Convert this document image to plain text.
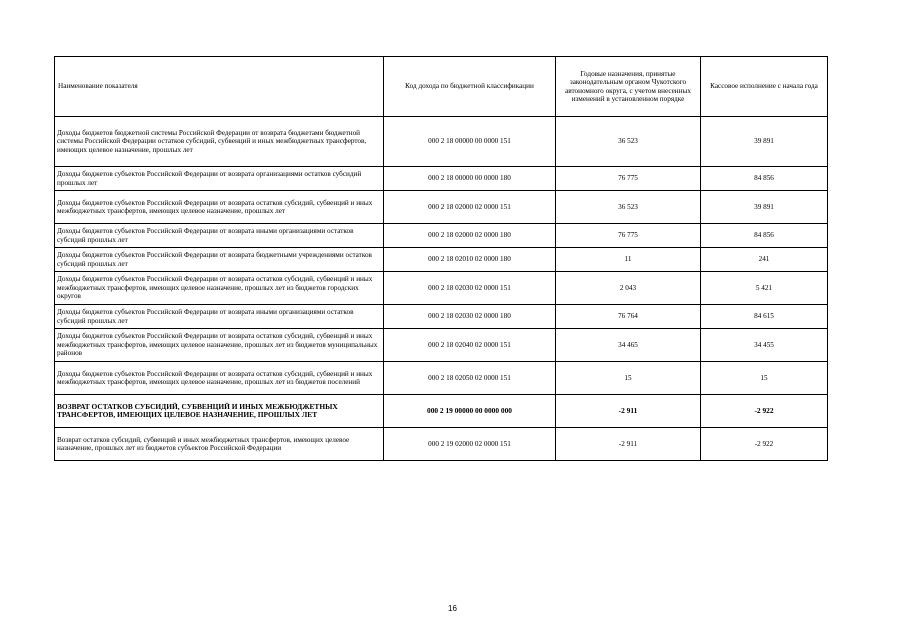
Наименование показателя	Код дохода по бюджетной классификации	Годовые назначения, принятые законодательным органом Чукотского автономного округа, с учетом внесенных изменений в установленном порядке	Кассовое исполнение с начала года
Доходы бюджетов бюджетной системы Российской Федерации от возврата бюджетами бюджетной системы Российской Федерации остатков субсидий, субвенций и иных межбюджетных трансфертов, имеющих целевое назначение, прошлых лет	000 2 18 00000 00 0000 151	36 523	39 891
Доходы бюджетов субъектов Российской Федерации от возврата организациями остатков субсидий прошлых лет	000 2 18 00000 00 0000 180	76 775	84 856
Доходы бюджетов субъектов Российской Федерации от возврата остатков субсидий, субвенций и иных межбюджетных трансфертов, имеющих целевое назначение, прошлых лет	000 2 18 02000 02 0000 151	36 523	39 891
Доходы бюджетов субъектов Российской Федерации от возврата иными организациями остатков субсидий прошлых лет	000 2 18 02000 02 0000 180	76 775	84 856
Доходы бюджетов субъектов Российской Федерации от возврата бюджетными учреждениями остатков субсидий прошлых лет	000 2 18 02010 02 0000 180	11	241
Доходы бюджетов субъектов Российской Федерации от возврата остатков субсидий, субвенций и иных межбюджетных трансфертов, имеющих целевое назначение, прошлых лет из бюджетов городских округов	000 2 18 02030 02 0000 151	2 043	5 421
Доходы бюджетов субъектов Российской Федерации от возврата иными организациями остатков субсидий прошлых лет	000 2 18 02030 02 0000 180	76 764	84 615
Доходы бюджетов субъектов Российской Федерации от возврата остатков субсидий, субвенций и иных межбюджетных трансфертов, имеющих целевое назначение, прошлых лет из бюджетов муниципальных районов	000 2 18 02040 02 0000 151	34 465	34 455
Доходы бюджетов субъектов Российской Федерации от возврата остатков субсидий, субвенций и иных межбюджетных трансфертов, имеющих целевое назначение, прошлых лет из бюджетов поселений	000 2 18 02050 02 0000 151	15	15
ВОЗВРАТ ОСТАТКОВ СУБСИДИЙ, СУБВЕНЦИЙ И ИНЫХ МЕЖБЮДЖЕТНЫХ ТРАНСФЕРТОВ, ИМЕЮЩИХ ЦЕЛЕВОЕ НАЗНАЧЕНИЕ, ПРОШЛЫХ ЛЕТ	000 2 19 00000 00 0000 000	-2 911	-2 922
Возврат остатков субсидий, субвенций и иных межбюджетных трансфертов, имеющих целевое назначение, прошлых лет из бюджетов субъектов Российской Федерации	000 2 19 02000 02 0000 151	-2 911	-2 922
16
